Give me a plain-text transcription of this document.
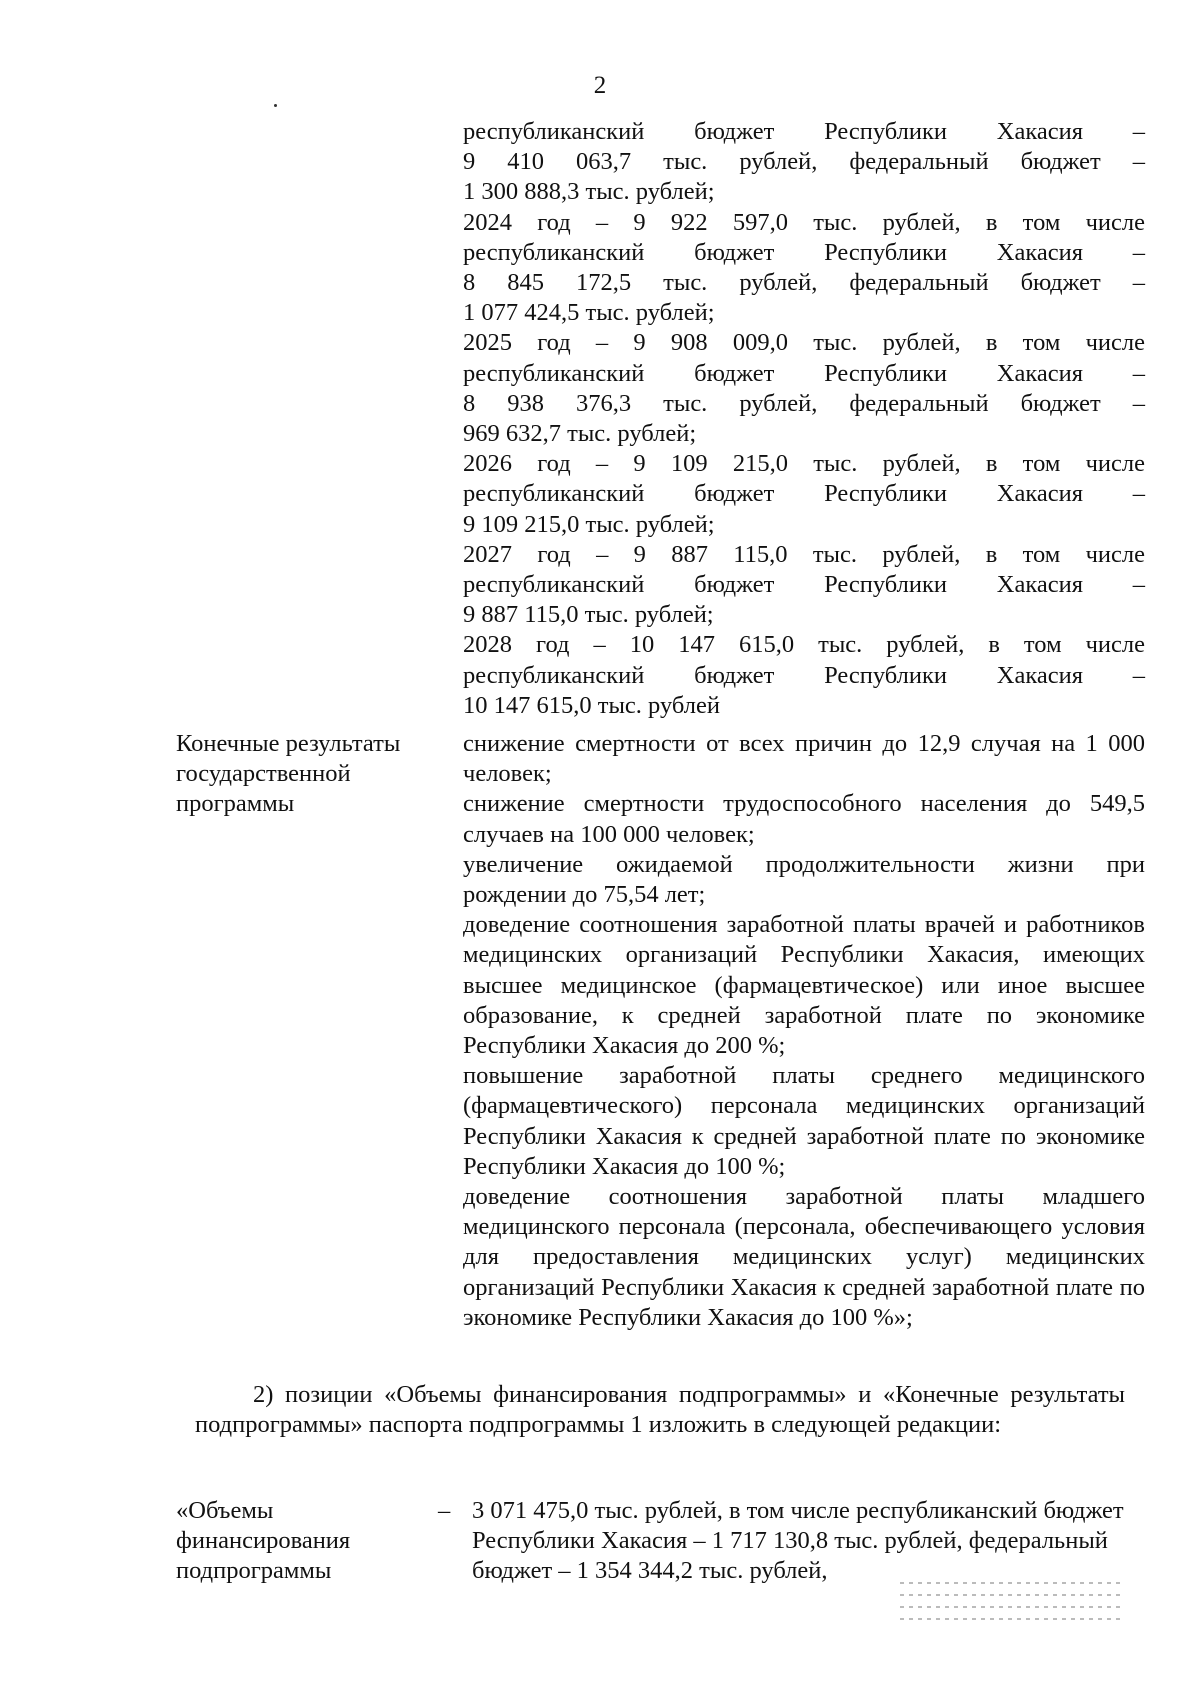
2

республиканский бюджет Республики Хакасия –

9 410 063,7 тыс. рублей, федеральный бюджет –

1 300 888,3 тыс. рублей;

2024 год – 9 922 597,0 тыс. рублей, в том числе

республиканский бюджет Республики Хакасия –

8 845 172,5 тыс. рублей, федеральный бюджет –

1 077 424,5 тыс. рублей;

2025 год – 9 908 009,0 тыс. рублей, в том числе

республиканский бюджет Республики Хакасия –

8 938 376,3 тыс. рублей, федеральный бюджет –

969 632,7 тыс. рублей;

2026 год – 9 109 215,0 тыс. рублей, в том числе

республиканский бюджет Республики Хакасия –

9 109 215,0 тыс. рублей;

2027 год – 9 887 115,0 тыс. рублей, в том числе

республиканский бюджет Республики Хакасия –

9 887 115,0 тыс. рублей;

2028 год – 10 147 615,0 тыс. рублей, в том числе

республиканский бюджет Республики Хакасия –

10 147 615,0 тыс. рублей

Конечные результаты государственной программы

снижение смертности от всех причин до 12,9 случая на 1 000 человек;

снижение смертности трудоспособного населения до 549,5 случаев на 100 000 человек;

увеличение ожидаемой продолжительности жизни при рождении до 75,54 лет;

доведение соотношения заработной платы врачей и работников медицинских организаций Республики Хакасия, имеющих высшее медицинское (фармацевтическое) или иное высшее образование, к средней заработной плате по экономике Республики Хакасия до 200 %;

повышение заработной платы среднего медицинского (фармацевтического) персонала медицинских организаций Республики Хакасия к средней заработной плате по экономике Республики Хакасия до 100 %;

доведение соотношения заработной платы младшего медицинского персонала (персонала, обеспечивающего условия для предоставления медицинских услуг) медицинских организаций Республики Хакасия к средней заработной плате по экономике Республики Хакасия до 100 %»;

2) позиции «Объемы финансирования подпрограммы» и «Конечные результаты подпрограммы» паспорта подпрограммы 1 изложить в следующей редакции:

«Объемы финансирования подпрограммы
– 3 071 475,0 тыс. рублей, в том числе республиканский бюджет Республики Хакасия – 1 717 130,8 тыс. рублей, федеральный бюджет – 1 354 344,2 тыс. рублей,
